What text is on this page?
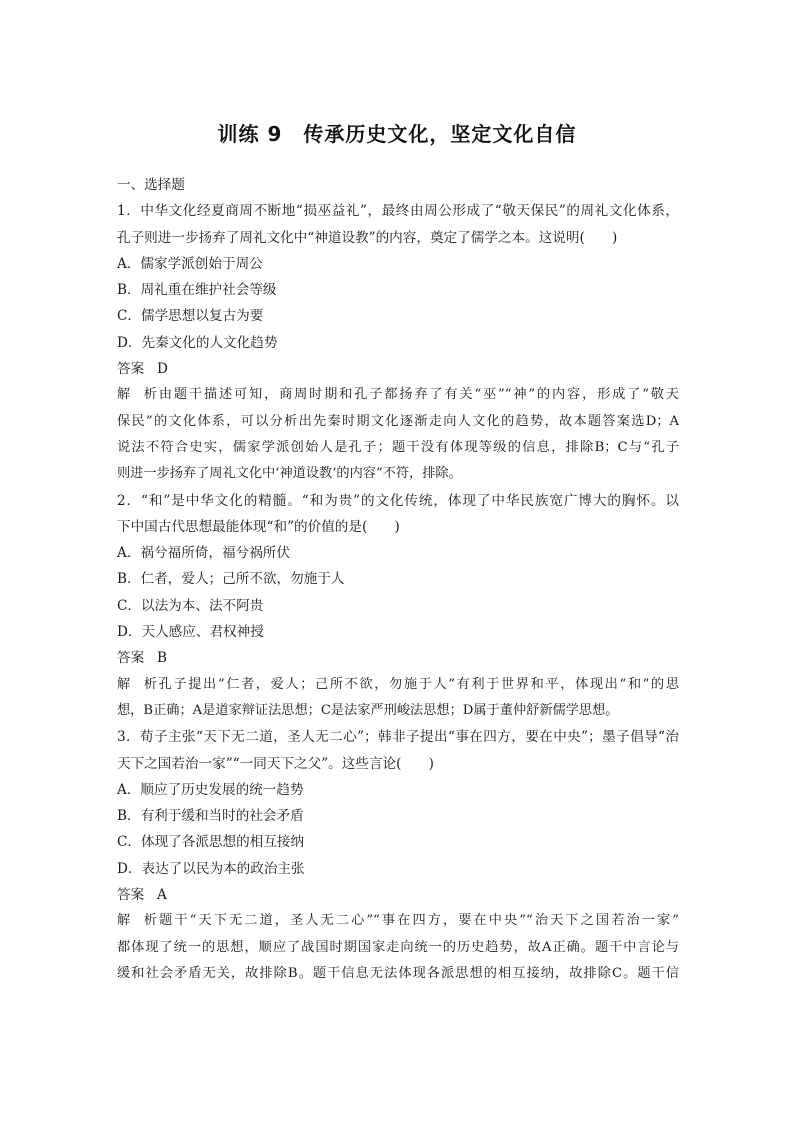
训练 9　传承历史文化，坚定文化自信
一、选择题
1．中华文化经夏商周不断地“损巫益礼”，最终由周公形成了“敬天保民”的周礼文化体系，
孔子则进一步扬弃了周礼文化中“神道设教”的内容，奠定了儒学之本。这说明(　　)
A．儒家学派创始于周公
B．周礼重在维护社会等级
C．儒学思想以复古为要
D．先秦文化的人文化趋势
答案 D
解析由题干描述可知，商周时期和孔子都扬弃了有关“巫”“神”的内容，形成了“敬天
保民”的文化体系，可以分析出先秦时期文化逐渐走向人文化的趋势，故本题答案选D；A
说法不符合史实，儒家学派创始人是孔子；题干没有体现等级的信息，排除B；C与“孔子
则进一步扬弃了周礼文化中‘神道设教’的内容”不符，排除。
2．“和”是中华文化的精髓。“和为贵”的文化传统，体现了中华民族宽广博大的胸怀。以
下中国古代思想最能体现“和”的价值的是(　　)
A．祸兮福所倚，福兮祸所伏
B．仁者，爱人；己所不欲，勿施于人
C．以法为本、法不阿贵
D．天人感应、君权神授
答案 B
解析孔子提出“仁者，爱人；己所不欲，勿施于人”有利于世界和平，体现出“和”的思
想，B正确；A是道家辩证法思想；C是法家严刑峻法思想；D属于董仲舒新儒学思想。
3．荀子主张“天下无二道，圣人无二心”；韩非子提出“事在四方，要在中央”；墨子倡导“治
天下之国若治一家”“一同天下之父”。这些言论(　　)
A．顺应了历史发展的统一趋势
B．有利于缓和当时的社会矛盾
C．体现了各派思想的相互接纳
D．表达了以民为本的政治主张
答案 A
解析题干“天下无二道，圣人无二心”“事在四方，要在中央”“治天下之国若治一家”
都体现了统一的思想，顺应了战国时期国家走向统一的历史趋势，故A正确。题干中言论与
缓和社会矛盾无关，故排除B。题干信息无法体现各派思想的相互接纳，故排除C。题干信
